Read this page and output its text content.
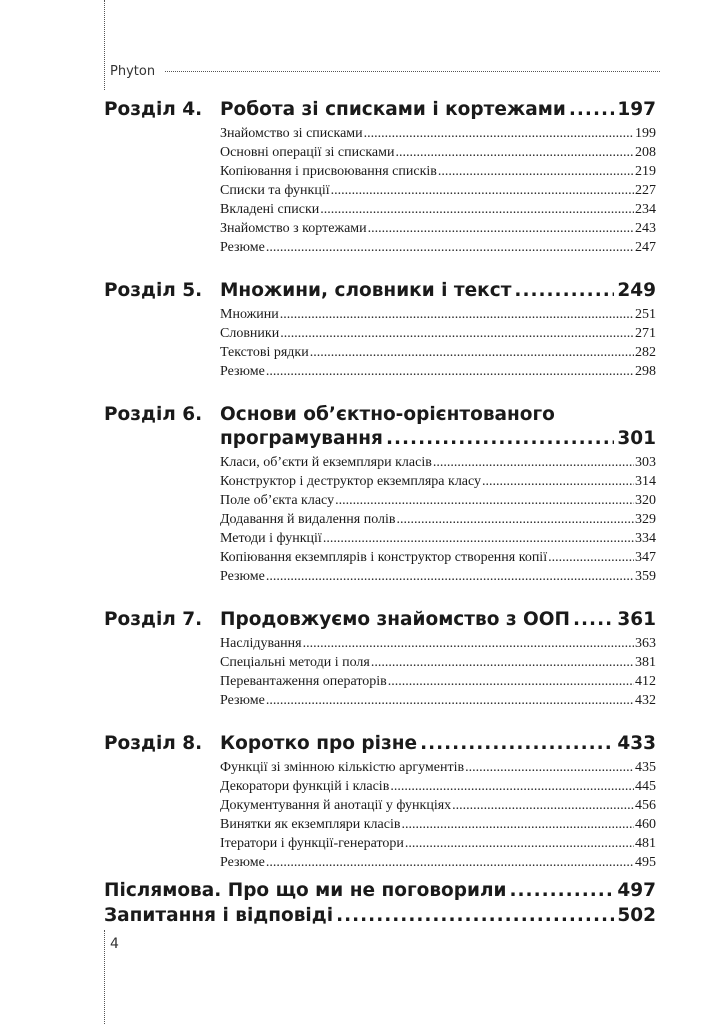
Phyton
Розділ 4. Робота зі списками і кортежами .....	197
Знайомство зі списками .....	199
Основні операції зі списками .....	208
Копіювання і присвоювання списків .....	219
Списки та функції .....	227
Вкладені списки .....	234
Знайомство з кортежами .....	243
Резюме .....	247
Розділ 5. Множини, словники і текст .....	249
Множини .....	251
Словники .....	271
Текстові рядки .....	282
Резюме .....	298
Розділ 6. Основи об’єктно-орієнтованого
програмування .....	301
Класи, об’єкти й екземпляри класів .....	303
Конструктор і деструктор екземпляра класу .....	314
Поле об’єкта класу .....	320
Додавання й видалення полів .....	329
Методи і функції .....	334
Копіювання екземплярів і конструктор створення копії .....	347
Резюме .....	359
Розділ 7. Продовжуємо знайомство з ООП .....	361
Наслідування .....	363
Спеціальні методи і поля .....	381
Перевантаження операторів .....	412
Резюме .....	432
Розділ 8. Коротко про різне .....	433
Функції зі змінною кількістю аргументів .....	435
Декоратори функцій і класів .....	445
Документування й анотації у функціях .....	456
Винятки як екземпляри класів .....	460
Ітератори і функції-генератори .....	481
Резюме .....	495
Післямова. Про що ми не поговорили .....	497
Запитання і відповіді .....	502
4
